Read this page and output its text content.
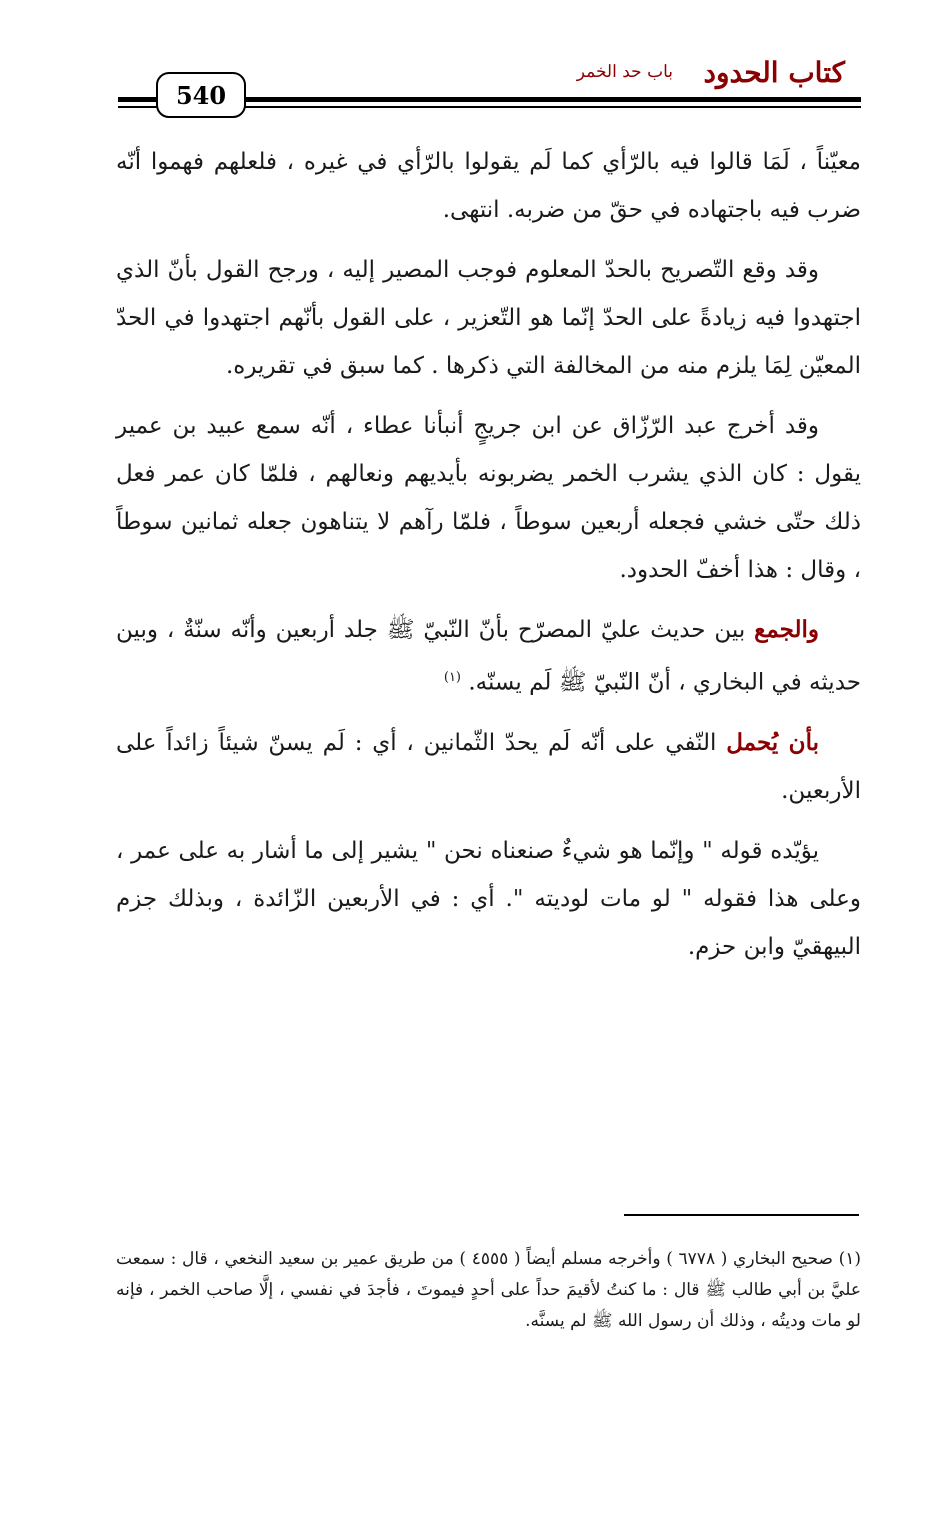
كتاب الحدود
باب حد الخمر
540

معيّناً ، لَمَا قالوا فيه بالرّأي كما لَم يقولوا بالرّأي في غيره ، فلعلهم فهموا أنّه ضرب فيه باجتهاده في حقّ من ضربه. انتهى.

وقد وقع التّصريح بالحدّ المعلوم فوجب المصير إليه ، ورجح القول بأنّ الذي اجتهدوا فيه زيادةً على الحدّ إنّما هو التّعزير ، على القول بأنّهم اجتهدوا في الحدّ المعيّن لِمَا يلزم منه من المخالفة التي ذكرها . كما سبق في تقريره.

وقد أخرج عبد الرّزّاق عن ابن جريجٍ أنبأنا عطاء ، أنّه سمع عبيد بن عمير يقول : كان الذي يشرب الخمر يضربونه بأيديهم ونعالهم ، فلمّا كان عمر فعل ذلك حتّى خشي فجعله أربعين سوطاً ، فلمّا رآهم لا يتناهون جعله ثمانين سوطاً ، وقال : هذا أخفّ الحدود.

والجمع بين حديث عليّ المصرّح بأنّ النّبيّ ﷺ جلد أربعين وأنّه سنّةٌ ، وبين حديثه في البخاري ، أنّ النّبيّ ﷺ لَم يسنّه. $^{(١)}$

بأن يُحمل النّفي على أنّه لَم يحدّ الثّمانين ، أي : لَم يسنّ شيئاً زائداً على الأربعين.

يؤيّده قوله " وإنّما هو شيءٌ صنعناه نحن " يشير إلى ما أشار به على عمر ، وعلى هذا فقوله " لو مات لوديته ". أي : في الأربعين الزّائدة ، وبذلك جزم البيهقيّ وابن حزم.

(١) صحيح البخاري ( ٦٧٧٨ ) وأخرجه مسلم أيضاً ( ٤٥٥٥ ) من طريق عمير بن سعيد النخعي ، قال : سمعت عليَّ بن أبي طالب ﷺ قال : ما كنتُ لأقيمَ حداً على أحدٍ فيموتَ ، فأجدَ في نفسي ، إلَّا صاحب الخمر ، فإنه لو مات وديتُه ، وذلك أن رسول الله ﷺ لم يسنَّه.
